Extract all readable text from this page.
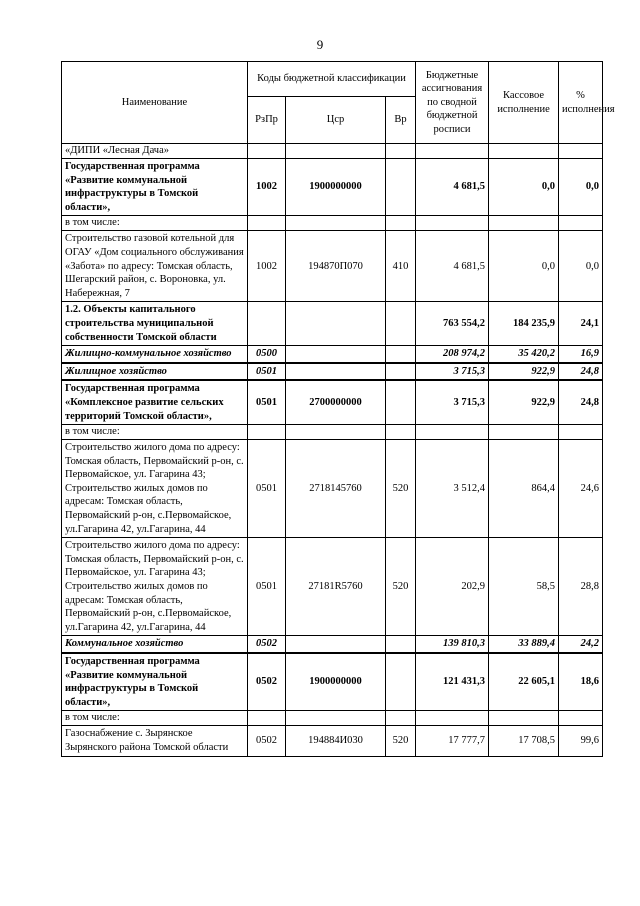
9
Наименование	Коды бюджетной классификации			Бюджетные ассигнования по сводной бюджетной росписи	Кассовое исполнение	% исполнения
	РзПр	Цср	Вр			
«ДИПИ «Лесная Дача»						
Государственная программа «Развитие коммунальной инфраструктуры в Томской области»,	1002	1900000000		4 681,5	0,0	0,0
в том числе:						
Строительство газовой котельной для ОГАУ «Дом социального обслуживания «Забота» по адресу: Томская область, Шегарский район, с. Вороновка, ул. Набережная, 7	1002	194870П070	410	4 681,5	0,0	0,0
1.2. Объекты капитального строительства муниципальной собственности Томской области				763 554,2	184 235,9	24,1
Жилищно-коммунальное хозяйство	0500			208 974,2	35 420,2	16,9
Жилищное хозяйство	0501			3 715,3	922,9	24,8
Государственная программа «Комплексное развитие сельских территорий Томской области»,	0501	2700000000		3 715,3	922,9	24,8
в том числе:						
Строительство жилого дома по адресу: Томская область, Первомайский р-он, с. Первомайское, ул. Гагарина 43; Строительство жилых домов по адресам: Томская область, Первомайский р-он, с.Первомайское, ул.Гагарина 42, ул.Гагарина, 44	0501	2718145760	520	3 512,4	864,4	24,6
Строительство жилого дома по адресу: Томская область, Первомайский р-он, с. Первомайское, ул. Гагарина 43; Строительство жилых домов по адресам: Томская область, Первомайский р-он, с.Первомайское, ул.Гагарина 42, ул.Гагарина, 44	0501	27181R5760	520	202,9	58,5	28,8
Коммунальное хозяйство	0502			139 810,3	33 889,4	24,2
Государственная программа «Развитие коммунальной инфраструктуры в Томской области»,	0502	1900000000		121 431,3	22 605,1	18,6
в том числе:						
Газоснабжение с. Зырянское Зырянского района Томской области	0502	194884И030	520	17 777,7	17 708,5	99,6
